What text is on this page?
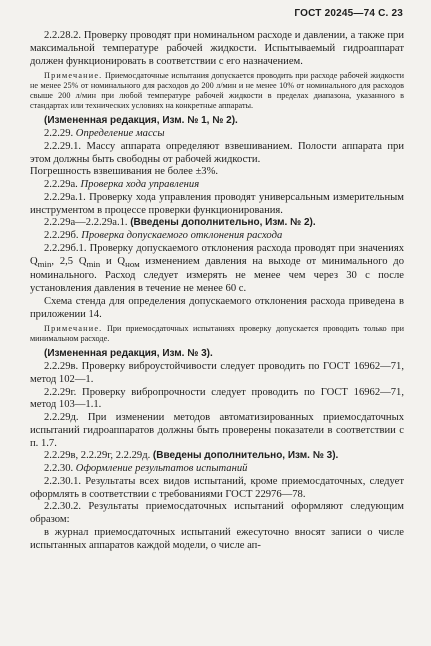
ГОСТ 20245—74 С. 23

2.2.28.2. Проверку проводят при номинальном расходе и давлении, а также при максимальной температуре рабочей жидкости. Испытываемый гидроаппарат должен функционировать в соответствии с его назначением.

Примечание. Приемосдаточные испытания допускается проводить при расходе рабочей жидкости не менее 25% от номинального для расходов до 200 л/мин и не менее 10% от номинального для расходов свыше 200 л/мин при любой температуре рабочей жидкости в пределах диапазона, указанного в стандартах или технических условиях на конкретные аппараты.

(Измененная редакция, Изм. № 1, № 2).

2.2.29. Определение массы

2.2.29.1. Массу аппарата определяют взвешиванием. Полости аппарата при этом должны быть свободны от рабочей жидкости.

Погрешность взвешивания не более ±3%.

2.2.29а. Проверка хода управления

2.2.29а.1. Проверку хода управления проводят универсальным измерительным инструментом в процессе проверки функционирования.

2.2.29а—2.2.29а.1. (Введены дополнительно, Изм. № 2).

2.2.29б. Проверка допускаемого отклонения расхода

2.2.29б.1. Проверку допускаемого отклонения расхода проводят при значениях $Q_{min}$, 2,5 $Q_{min}$ и $Q_{ном}$ изменением давления на выходе от минимального до номинального. Расход следует измерять не менее чем через 30 с после установления давления в течение не менее 60 с.

Схема стенда для определения допускаемого отклонения расхода приведена в приложении 14.

Примечание. При приемосдаточных испытаниях проверку допускается проводить только при минимальном расходе.

(Измененная редакция, Изм. № 3).

2.2.29в. Проверку виброустойчивости следует проводить по ГОСТ 16962—71, метод 102—1.

2.2.29г. Проверку вибропрочности следует проводить по ГОСТ 16962—71, метод 103—1.1.

2.2.29д. При изменении методов автоматизированных приемосдаточных испытаний гидроаппаратов должны быть проверены показатели в соответствии с п. 1.7.

2.2.29в, 2.2.29г, 2.2.29д. (Введены дополнительно, Изм. № 3).

2.2.30. Оформление результатов испытаний

2.2.30.1. Результаты всех видов испытаний, кроме приемосдаточных, следует оформлять в соответствии с требованиями ГОСТ 22976—78.

2.2.30.2. Результаты приемосдаточных испытаний оформляют следующим образом:

в журнал приемосдаточных испытаний ежесуточно вносят записи о числе испытанных аппаратов каждой модели, о числе ап-
